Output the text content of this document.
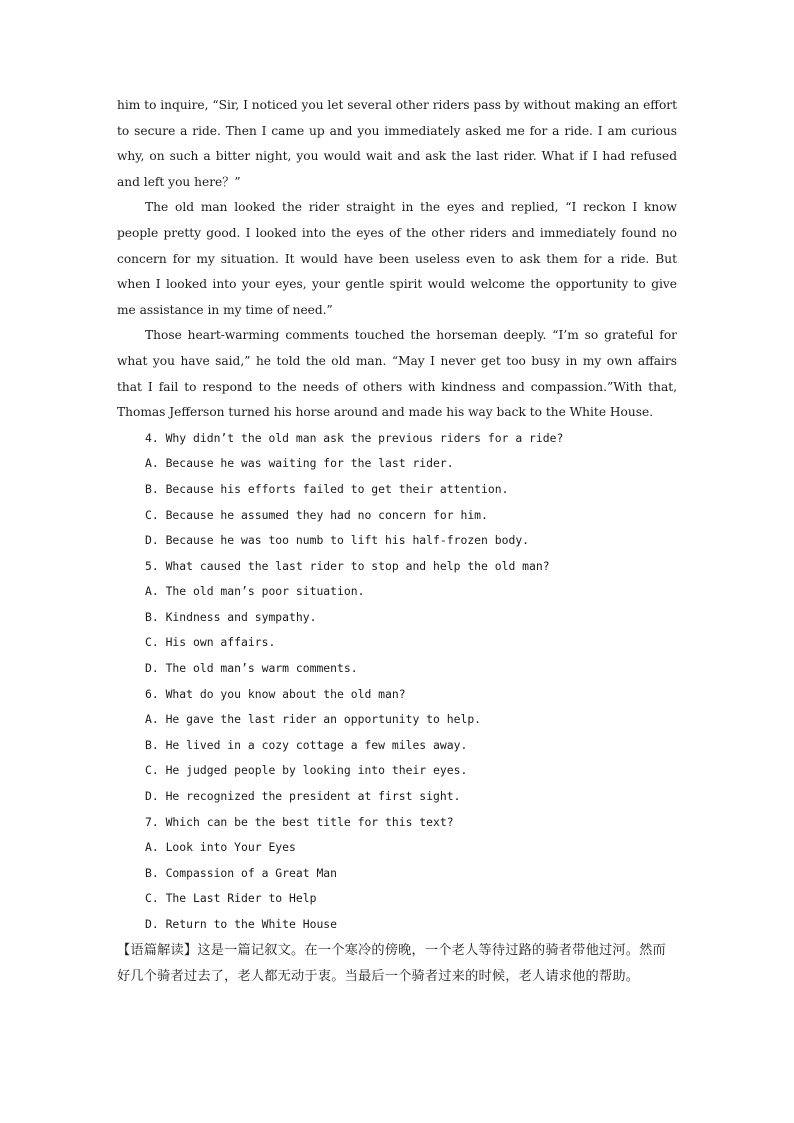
him to inquire, “Sir, I noticed you let several other riders pass by without making an effort to secure a ride. Then I came up and you immediately asked me for a ride. I am curious why, on such a bitter night, you would wait and ask the last rider. What if I had refused and left you here？”

The old man looked the rider straight in the eyes and replied, “I reckon I know people pretty good. I looked into the eyes of the other riders and immediately found no concern for my situation. It would have been useless even to ask them for a ride. But when I looked into your eyes, your gentle spirit would welcome the opportunity to give me assistance in my time of need.”

Those heart-warming comments touched the horseman deeply. “I’m so grateful for what you have said,” he told the old man. “May I never get too busy in my own affairs that I fail to respond to the needs of others with kindness and compassion.”With that, Thomas Jefferson turned his horse around and made his way back to the White House.

4. Why didn’t the old man ask the previous riders for a ride?
A. Because he was waiting for the last rider.
B. Because his efforts failed to get their attention.
C. Because he assumed they had no concern for him.
D. Because he was too numb to lift his half-frozen body.
5. What caused the last rider to stop and help the old man?
A. The old man’s poor situation.
B. Kindness and sympathy.
C. His own affairs.
D. The old man’s warm comments.
6. What do you know about the old man?
A. He gave the last rider an opportunity to help.
B. He lived in a cozy cottage a few miles away.
C. He judged people by looking into their eyes.
D. He recognized the president at first sight.
7. Which can be the best title for this text?
A. Look into Your Eyes
B. Compassion of a Great Man
C. The Last Rider to Help
D. Return to the White House

【语篇解读】这是一篇记叙文。在一个寒冷的傍晚，一个老人等待过路的骑者带他过河。然而好几个骑者过去了，老人都无动于衷。当最后一个骑者过来的时候，老人请求他的帮助。
